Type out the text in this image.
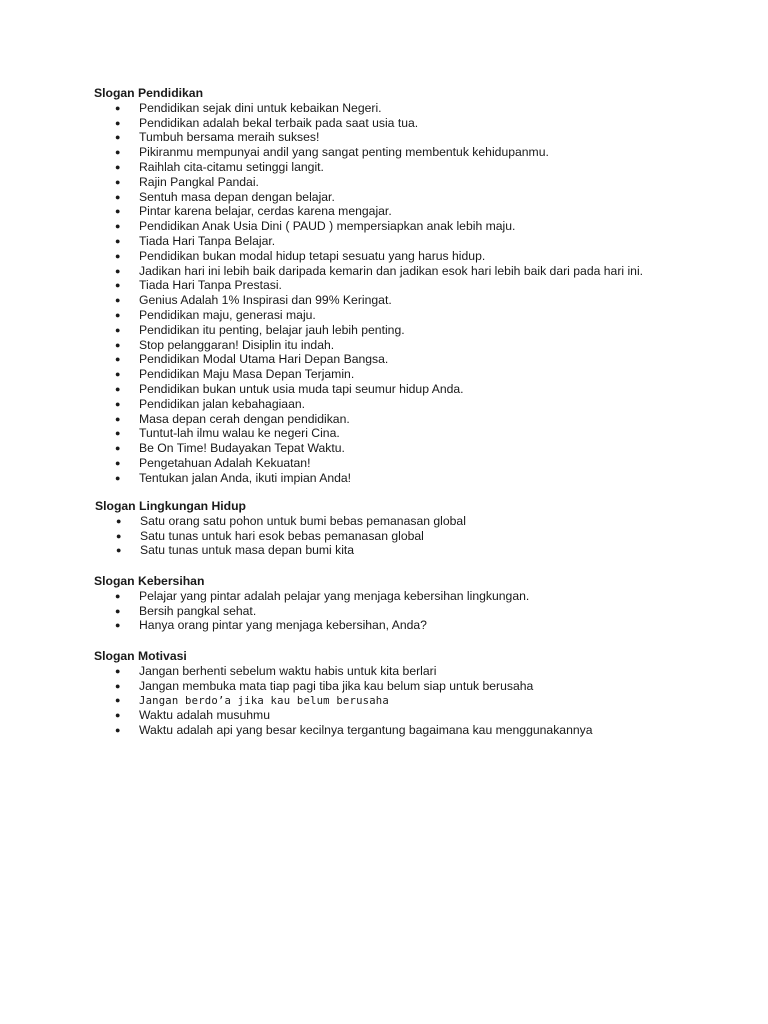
Slogan Pendidikan

● Pendidikan sejak dini untuk kebaikan Negeri.
● Pendidikan adalah bekal terbaik pada saat usia tua.
● Tumbuh bersama meraih sukses!
● Pikiranmu mempunyai andil yang sangat penting membentuk kehidupanmu.
● Raihlah cita-citamu setinggi langit.
● Rajin Pangkal Pandai.
● Sentuh masa depan dengan belajar.
● Pintar karena belajar, cerdas karena mengajar.
● Pendidikan Anak Usia Dini ( PAUD ) mempersiapkan anak lebih maju.
● Tiada Hari Tanpa Belajar.
● Pendidikan bukan modal hidup tetapi sesuatu yang harus hidup.
● Jadikan hari ini lebih baik daripada kemarin dan jadikan esok hari lebih baik dari pada hari ini.
● Tiada Hari Tanpa Prestasi.
● Genius Adalah 1% Inspirasi dan 99% Keringat.
● Pendidikan maju, generasi maju.
● Pendidikan itu penting, belajar jauh lebih penting.
● Stop pelanggaran! Disiplin itu indah.
● Pendidikan Modal Utama Hari Depan Bangsa.
● Pendidikan Maju Masa Depan Terjamin.
● Pendidikan bukan untuk usia muda tapi seumur hidup Anda.
● Pendidikan jalan kebahagiaan.
● Masa depan cerah dengan pendidikan.
● Tuntut-lah ilmu walau ke negeri Cina.
● Be On Time! Budayakan Tepat Waktu.
● Pengetahuan Adalah Kekuatan!
● Tentukan jalan Anda, ikuti impian Anda!

Slogan Lingkungan Hidup

● Satu orang satu pohon untuk bumi bebas pemanasan global
● Satu tunas untuk hari esok bebas pemanasan global
● Satu tunas untuk masa depan bumi kita

Slogan Kebersihan

● Pelajar yang pintar adalah pelajar yang menjaga kebersihan lingkungan.
● Bersih pangkal sehat.
● Hanya orang pintar yang menjaga kebersihan, Anda?

Slogan Motivasi

● Jangan berhenti sebelum waktu habis untuk kita berlari
● Jangan membuka mata tiap pagi tiba jika kau belum siap untuk berusaha
● Jangan berdo’a jika kau belum berusaha
● Waktu adalah musuhmu
● Waktu adalah api yang besar kecilnya tergantung bagaimana kau menggunakannya
